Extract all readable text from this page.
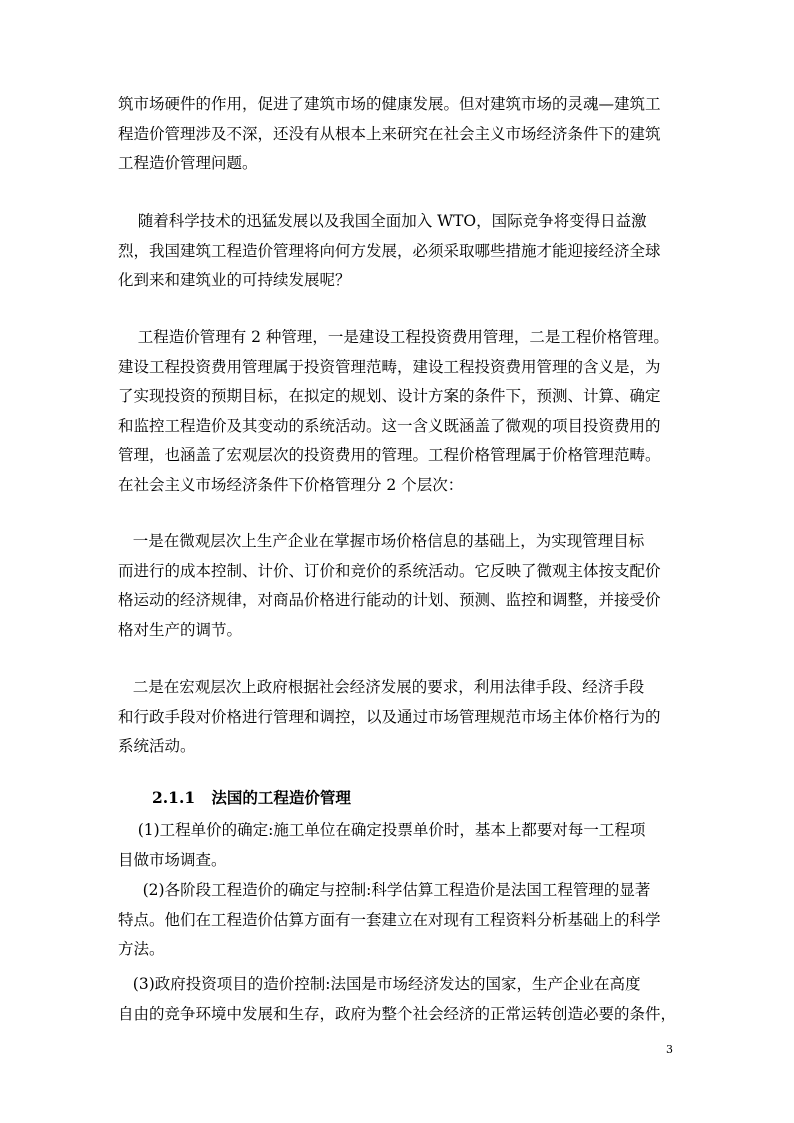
筑市场硬件的作用，促进了建筑市场的健康发展。但对建筑市场的灵魂—建筑工
程造价管理涉及不深，还没有从根本上来研究在社会主义市场经济条件下的建筑
工程造价管理问题。
随着科学技术的迅猛发展以及我国全面加入 WTO，国际竞争将变得日益激
烈，我国建筑工程造价管理将向何方发展，必须采取哪些措施才能迎接经济全球
化到来和建筑业的可持续发展呢？
工程造价管理有 2 种管理，一是建设工程投资费用管理，二是工程价格管理。
建设工程投资费用管理属于投资管理范畴，建设工程投资费用管理的含义是，为
了实现投资的预期目标，在拟定的规划、设计方案的条件下，预测、计算、确定
和监控工程造价及其变动的系统活动。这一含义既涵盖了微观的项目投资费用的
管理，也涵盖了宏观层次的投资费用的管理。工程价格管理属于价格管理范畴。
在社会主义市场经济条件下价格管理分 2 个层次：
一是在微观层次上生产企业在掌握市场价格信息的基础上，为实现管理目标
而进行的成本控制、计价、订价和竞价的系统活动。它反映了微观主体按支配价
格运动的经济规律，对商品价格进行能动的计划、预测、监控和调整，并接受价
格对生产的调节。
二是在宏观层次上政府根据社会经济发展的要求，利用法律手段、经济手段
和行政手段对价格进行管理和调控，以及通过市场管理规范市场主体价格行为的
系统活动。
2.1.1   法国的工程造价管理
(1)工程单价的确定:施工单位在确定投票单价时，基本上都要对每一工程项
目做市场调查。
(2)各阶段工程造价的确定与控制:科学估算工程造价是法国工程管理的显著
特点。他们在工程造价估算方面有一套建立在对现有工程资料分析基础上的科学
方法。
(3)政府投资项目的造价控制:法国是市场经济发达的国家，生产企业在高度
自由的竞争环境中发展和生存，政府为整个社会经济的正常运转创造必要的条件，

3
